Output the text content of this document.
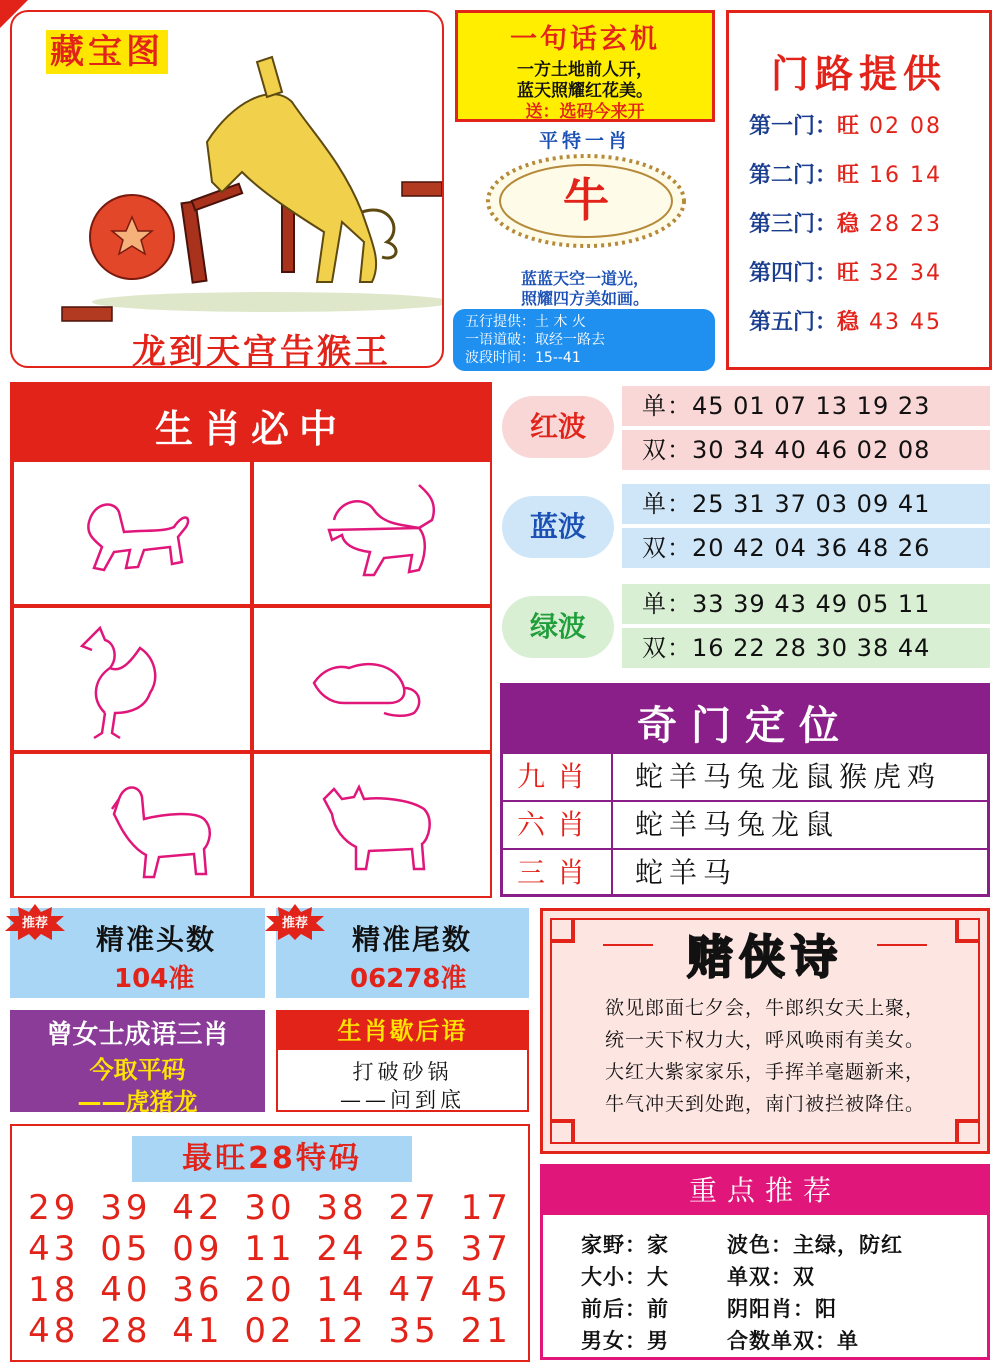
藏宝图
龙到天宫告猴王
一句话玄机
一方土地前人开，
蓝天照耀红花美。
送：选码今来开
平特一肖
牛
蓝蓝天空一道光，
照耀四方美如画。
五行提供：土 木 火
一语道破：取经一路去
波段时间：15--41
门路提供
第一门：旺 02 08
第二门：旺 16 14
第三门：稳 28 23
第四门：旺 32 34
第五门：稳 43 45
生肖必中	红波
单：45 01 07 13 19 23
双：30 34 40 46 02 08
蓝波
单：25 31 37 03 09 41
双：20 42 04 36 48 26
绿波
单：33 39 43 49 05 11
双：16 22 28 30 38 44
奇门定位
九肖	蛇羊马兔龙鼠猴虎鸡
六肖	蛇羊马兔龙鼠
三肖	蛇羊马
精准头数
104准
推荐	精准尾数
06278准
推荐
曾女士成语三肖
今取平码
——虎猪龙
生肖歇后语
打破砂锅
——问到底
赌侠诗
欲见郎面七夕会，牛郎织女天上聚，
统一天下权力大，呼风唤雨有美女。
大红大紫家家乐，手挥羊毫题新来，
牛气冲天到处跑，南门被拦被降住。
最旺28特码
29 39 42 30 38 27 17
43 05 09 11 24 25 37
18 40 36 20 14 47 45
48 28 41 02 12 35 21
重点推荐
家野：家	波色：主绿，防红
大小：大	单双：双
前后：前	阴阳肖：阳
男女：男	合数单双：单
